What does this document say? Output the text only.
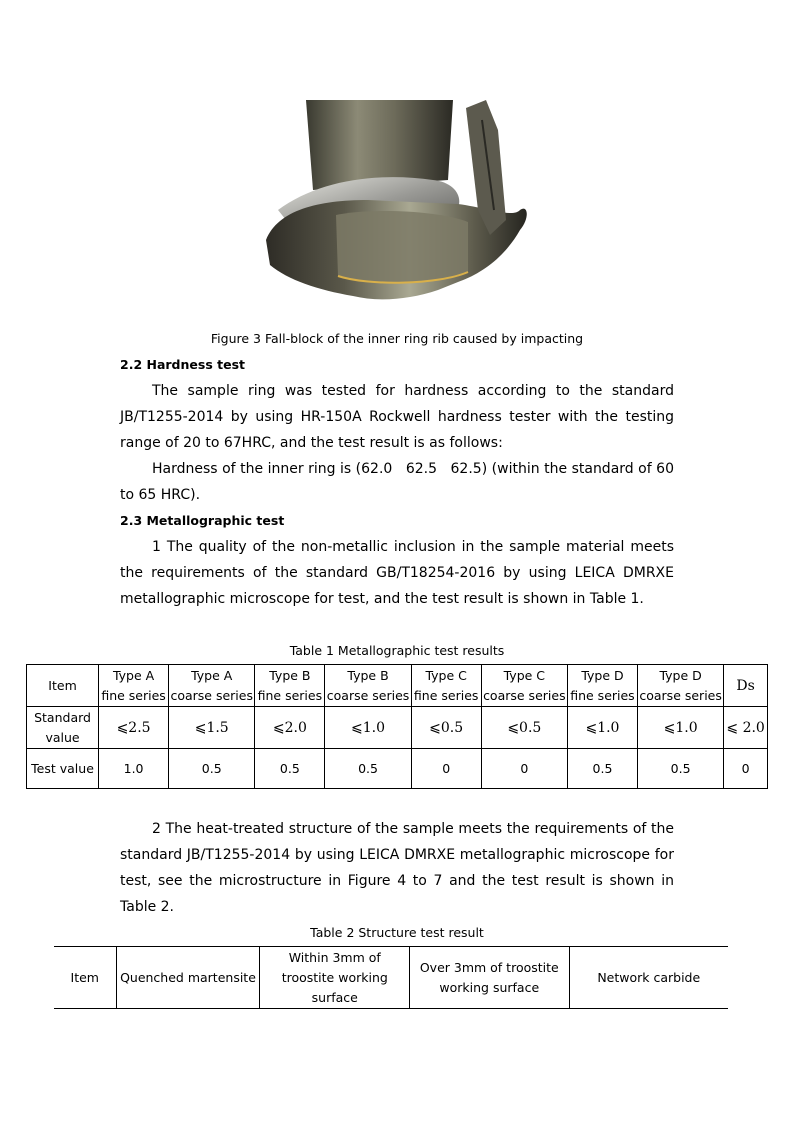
Figure 3 Fall-block of the inner ring rib caused by impacting
2.2 Hardness test
The sample ring was tested for hardness according to the standard JB/T1255-2014 by using HR-150A Rockwell hardness tester with the testing range of 20 to 67HRC, and the test result is as follows:
Hardness of the inner ring is (62.0   62.5   62.5) (within the standard of 60 to 65 HRC).
2.3 Metallographic test
1 The quality of the non-metallic inclusion in the sample material meets the requirements of the standard GB/T18254-2016 by using LEICA DMRXE metallographic microscope for test, and the test result is shown in Table 1.
Table 1 Metallographic test results
Item	Type A fine series	Type A coarse series	Type B fine series	Type B coarse series	Type C fine series	Type C coarse series	Type D fine series	Type D coarse series	Ds
Standard value	⩽2.5	⩽1.5	⩽2.0	⩽1.0	⩽0.5	⩽0.5	⩽1.0	⩽1.0	⩽ 2.0
Test value	1.0	0.5	0.5	0.5	0	0	0.5	0.5	0
2 The heat-treated structure of the sample meets the requirements of the standard JB/T1255-2014 by using LEICA DMRXE metallographic microscope for test, see the microstructure in Figure 4 to 7 and the test result is shown in Table 2.
Table 2 Structure test result
Item	Quenched martensite	Within 3mm of troostite working surface	Over 3mm of troostite working surface	Network carbide
